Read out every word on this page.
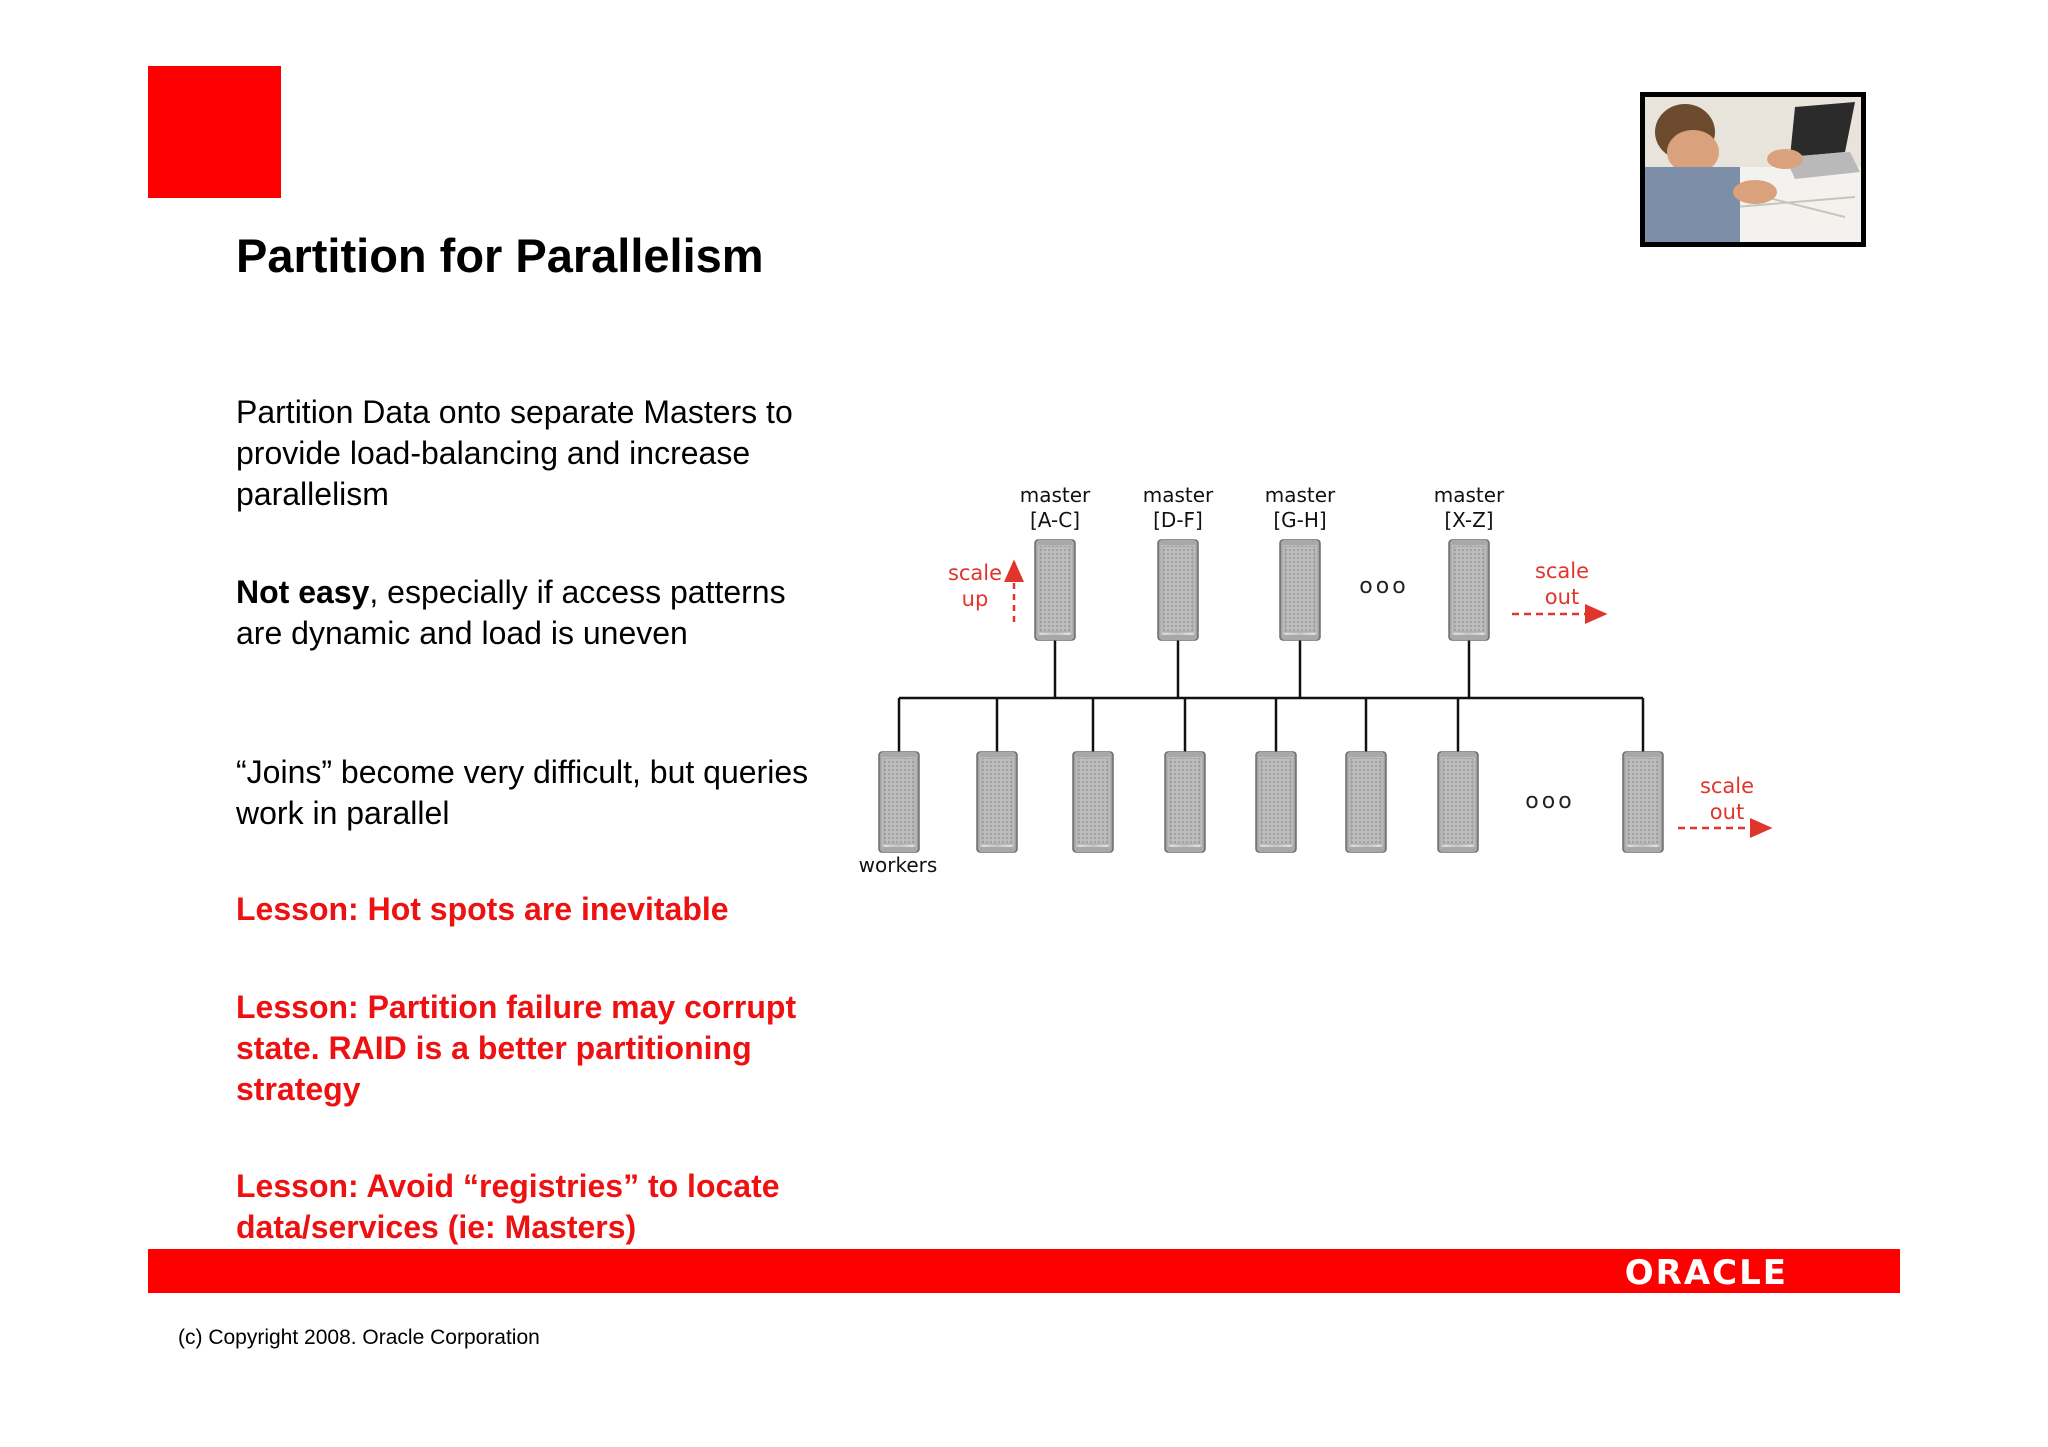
Partition for Parallelism

Partition Data onto separate Masters to provide load-balancing and increase parallelism

Not easy, especially if access patterns are dynamic and load is uneven

“Joins” become very difficult, but queries work in parallel

Lesson: Hot spots are inevitable

Lesson: Partition failure may corrupt state. RAID is a better partitioning strategy

Lesson: Avoid “registries” to locate data/services (ie: Masters)

master
[A-C]
master
[D-F]
master
[G-H]
master
[X-Z]
ooo
scale
up
scale
out
ooo
workers
scale
out
ORACLE
(c) Copyright 2008. Oracle Corporation
